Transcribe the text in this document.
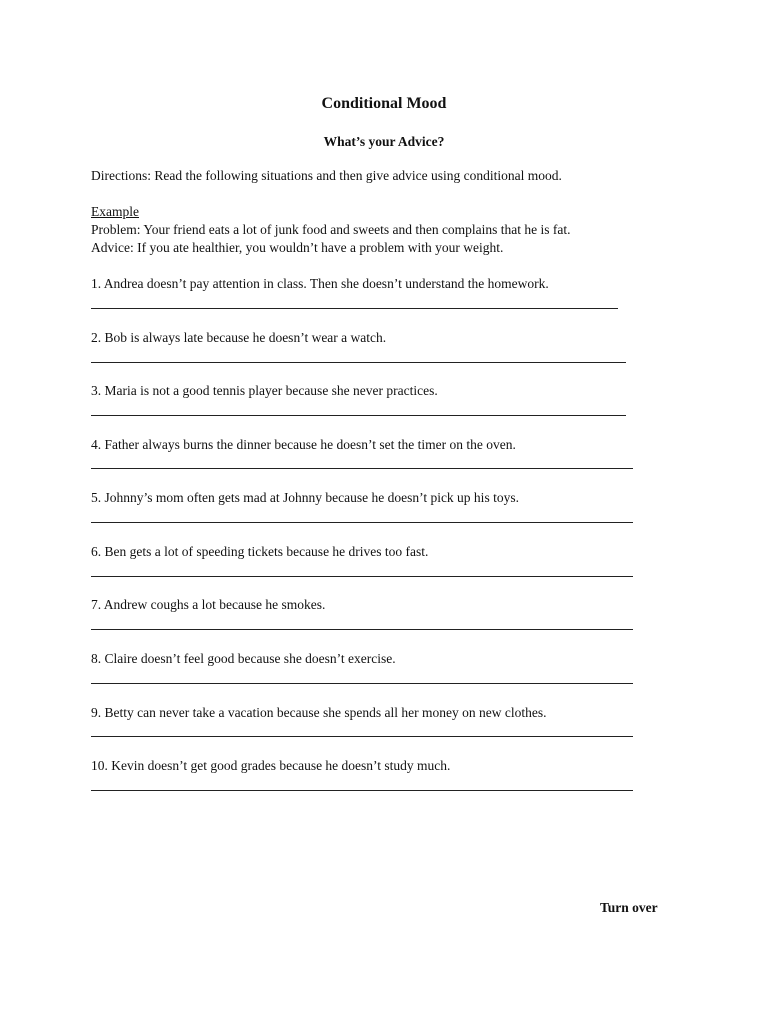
Conditional Mood
What’s your Advice?
Directions: Read the following situations and then give advice using conditional mood.
Example
Problem: Your friend eats a lot of junk food and sweets and then complains that he is fat.
Advice: If you ate healthier, you wouldn’t have a problem with your weight.
1. Andrea doesn’t pay attention in class. Then she doesn’t understand the homework.
2. Bob is always late because he doesn’t wear a watch.
3. Maria is not a good tennis player because she never practices.
4. Father always burns the dinner because he doesn’t set the timer on the oven.
5. Johnny’s mom often gets mad at Johnny because he doesn’t pick up his toys.
6. Ben gets a lot of speeding tickets because he drives too fast.
7. Andrew coughs a lot because he smokes.
8. Claire doesn’t feel good because she doesn’t exercise.
9. Betty can never take a vacation because she spends all her money on new clothes.
10. Kevin doesn’t get good grades because he doesn’t study much.
Turn over
